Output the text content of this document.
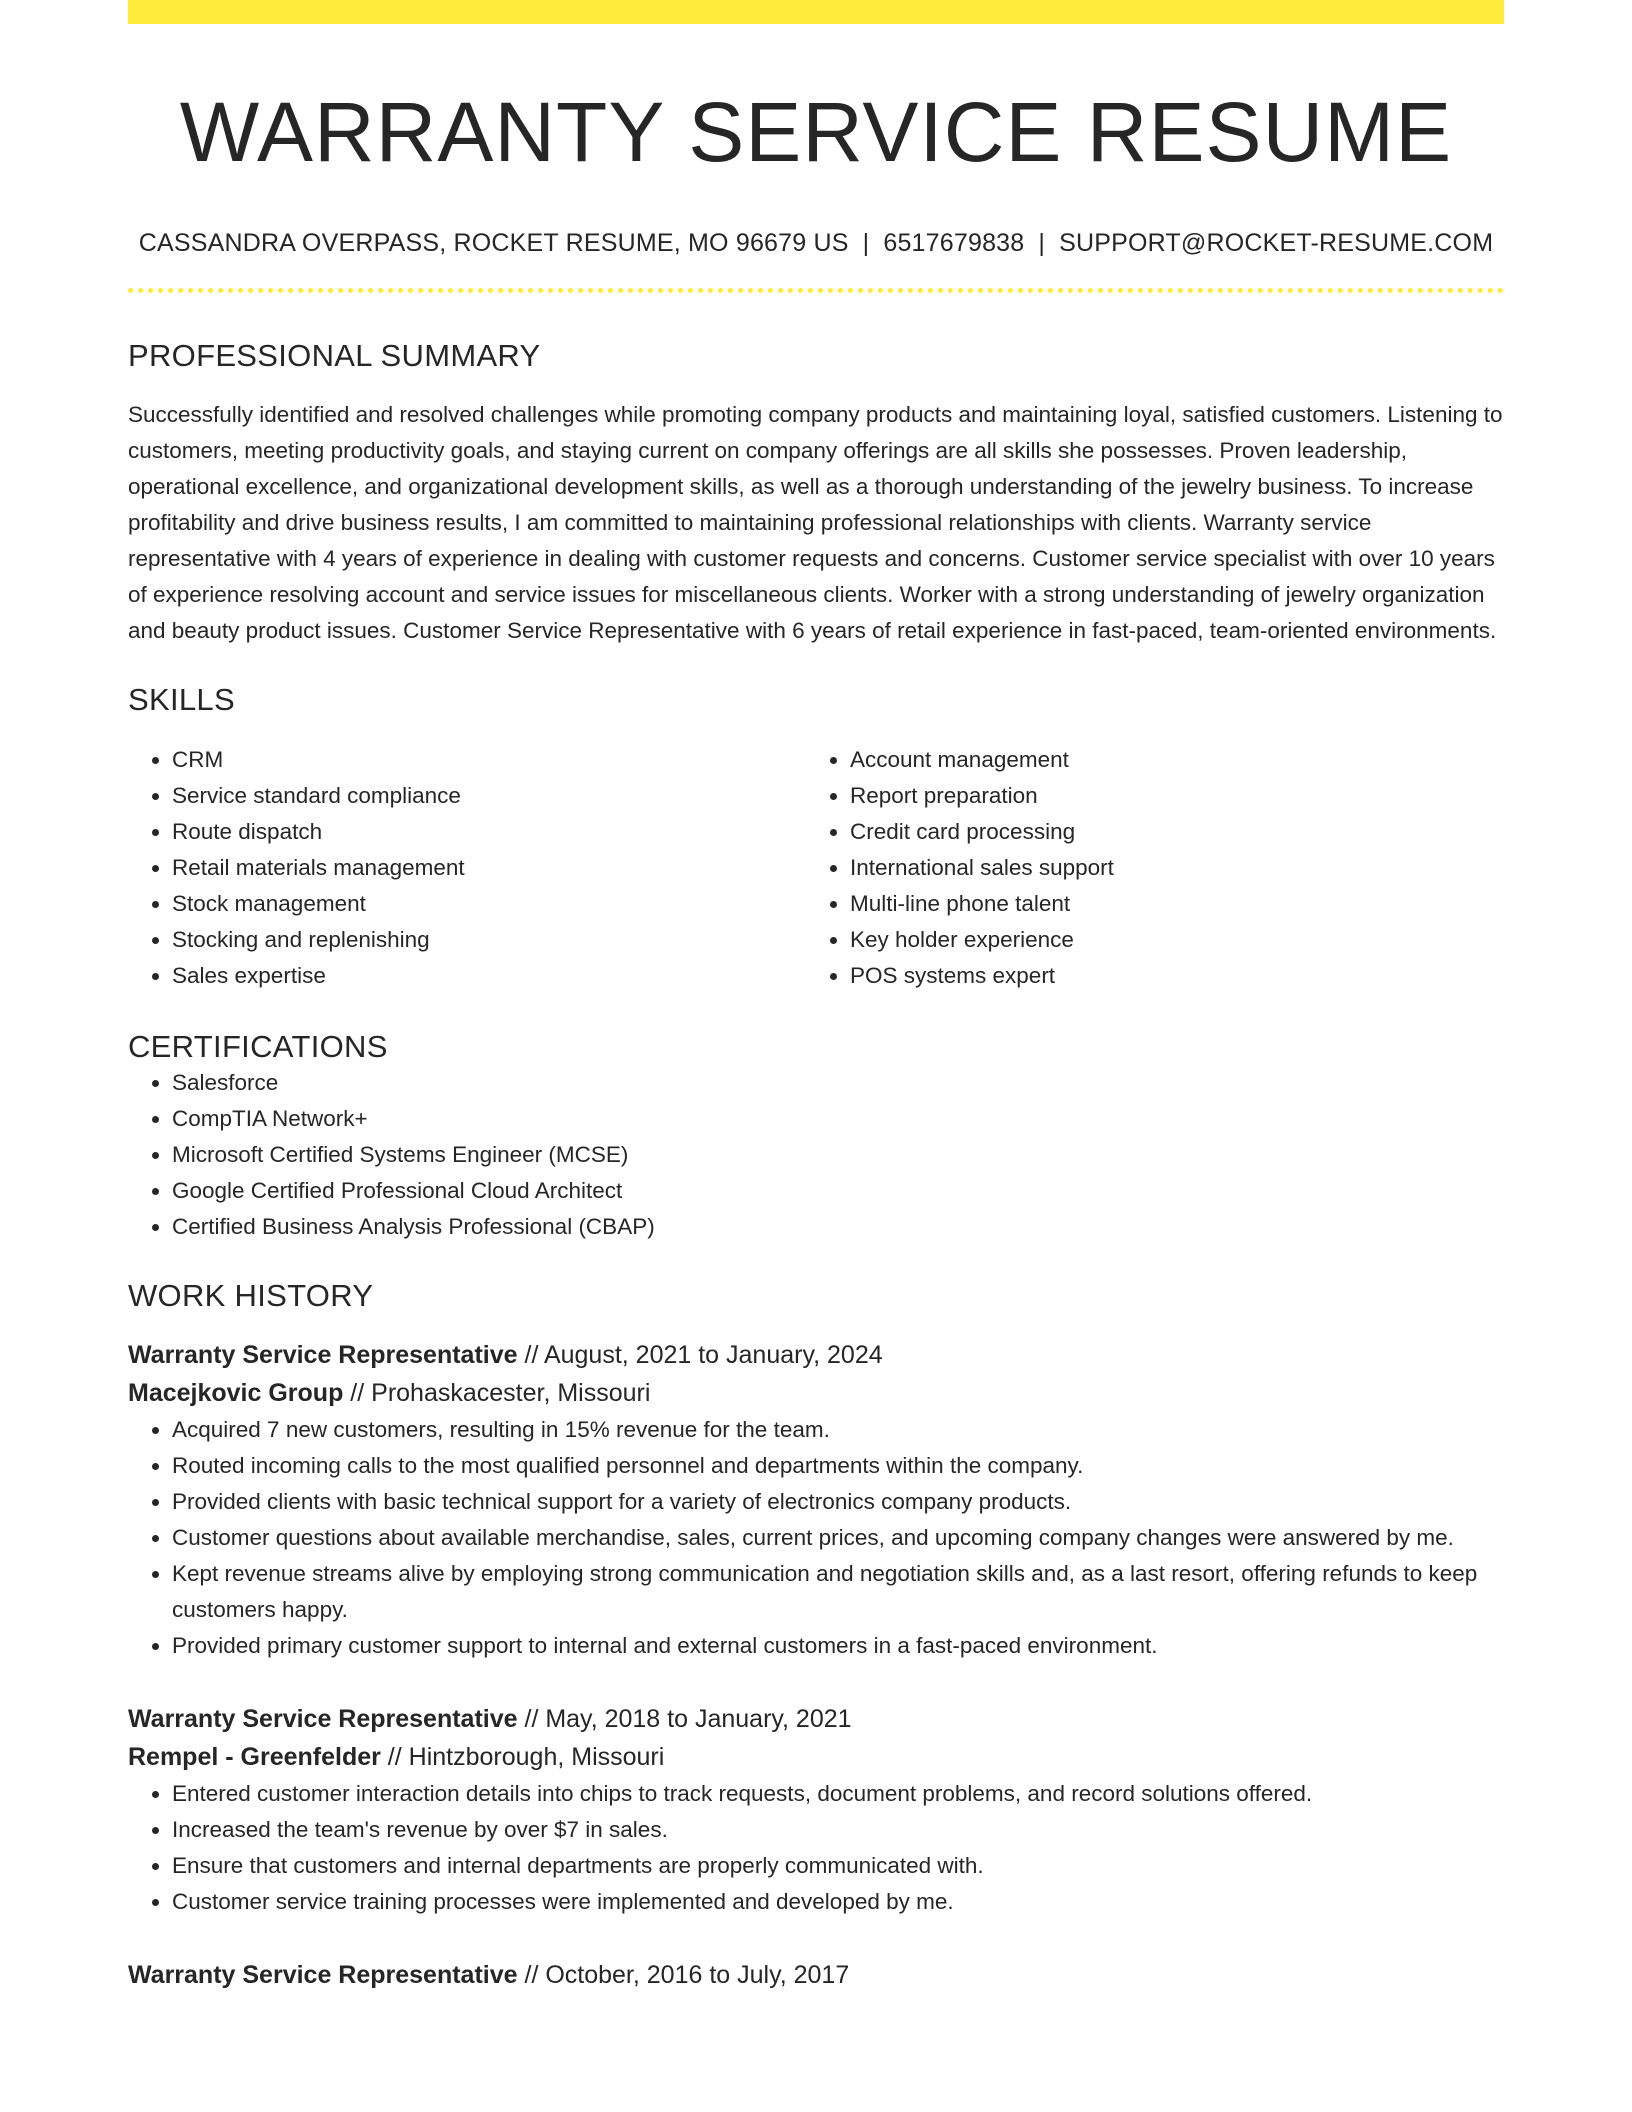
WARRANTY SERVICE RESUME
CASSANDRA OVERPASS, ROCKET RESUME, MO 96679 US | 6517679838 | SUPPORT@ROCKET-RESUME.COM
PROFESSIONAL SUMMARY

Successfully identified and resolved challenges while promoting company products and maintaining loyal, satisfied customers. Listening to customers, meeting productivity goals, and staying current on company offerings are all skills she possesses. Proven leadership, operational excellence, and organizational development skills, as well as a thorough understanding of the jewelry business. To increase profitability and drive business results, I am committed to maintaining professional relationships with clients. Warranty service representative with 4 years of experience in dealing with customer requests and concerns. Customer service specialist with over 10 years of experience resolving account and service issues for miscellaneous clients. Worker with a strong understanding of jewelry organization and beauty product issues. Customer Service Representative with 6 years of retail experience in fast-paced, team-oriented environments.

SKILLS
• CRM
• Service standard compliance
• Route dispatch
• Retail materials management
• Stock management
• Stocking and replenishing
• Sales expertise
• Account management
• Report preparation
• Credit card processing
• International sales support
• Multi-line phone talent
• Key holder experience
• POS systems expert
CERTIFICATIONS
• Salesforce
• CompTIA Network+
• Microsoft Certified Systems Engineer (MCSE)
• Google Certified Professional Cloud Architect
• Certified Business Analysis Professional (CBAP)
WORK HISTORY
Warranty Service Representative // August, 2021 to January, 2024
Macejkovic Group // Prohaskacester, Missouri
• Acquired 7 new customers, resulting in 15% revenue for the team.
• Routed incoming calls to the most qualified personnel and departments within the company.
• Provided clients with basic technical support for a variety of electronics company products.
• Customer questions about available merchandise, sales, current prices, and upcoming company changes were answered by me.
• Kept revenue streams alive by employing strong communication and negotiation skills and, as a last resort, offering refunds to keep customers happy.
• Provided primary customer support to internal and external customers in a fast-paced environment.
Warranty Service Representative // May, 2018 to January, 2021
Rempel - Greenfelder // Hintzborough, Missouri
• Entered customer interaction details into chips to track requests, document problems, and record solutions offered.
• Increased the team's revenue by over $7 in sales.
• Ensure that customers and internal departments are properly communicated with.
• Customer service training processes were implemented and developed by me.
Warranty Service Representative // October, 2016 to July, 2017
